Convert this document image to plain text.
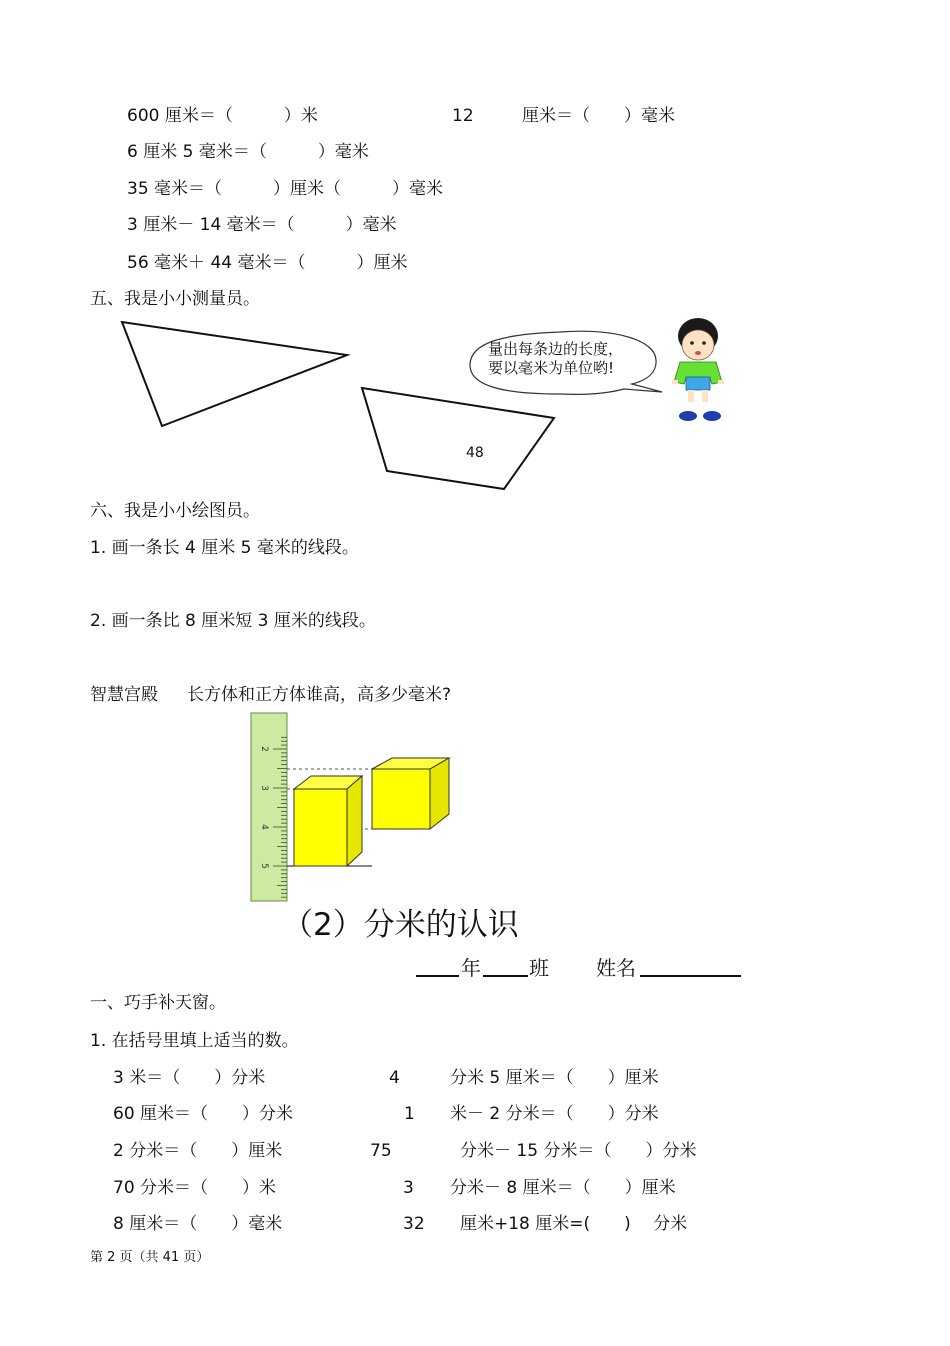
600 厘米＝（　　　）米	12	厘米＝（　　）毫米
6 厘米 5 毫米＝（　　　）毫米
35 毫米＝（　　　）厘米（　　　）毫米
3 厘米－ 14 毫米＝（　　　）毫米
56 毫米＋ 44 毫米＝（　　　）厘米
五、我是小小测量员。
2
3
4
5
量出每条边的长度，
要以毫米为单位哟!
48
六、我是小小绘图员。
1. 画一条长 4 厘米 5 毫米的线段。
2. 画一条比 8 厘米短 3 厘米的线段。
智慧宫殿 长方体和正方体谁高，高多少毫米?
（2）分米的认识
年 班 姓名
一、巧手补天窗。
1. 在括号里填上适当的数。
3 米＝（　　）分米	4	分米 5 厘米＝（　　）厘米
60 厘米＝（　　）分米	1 米－ 2 分米＝（　　）分米
2 分米＝（　　）厘米	75	分米－ 15 分米＝（　　）分米
70 分米＝（　　）米	3 分米－ 8 厘米＝（　　）厘米
8 厘米＝（　　）毫米	32 厘米+18 厘米=(　　)　 分米
第 2 页（共 41 页）
